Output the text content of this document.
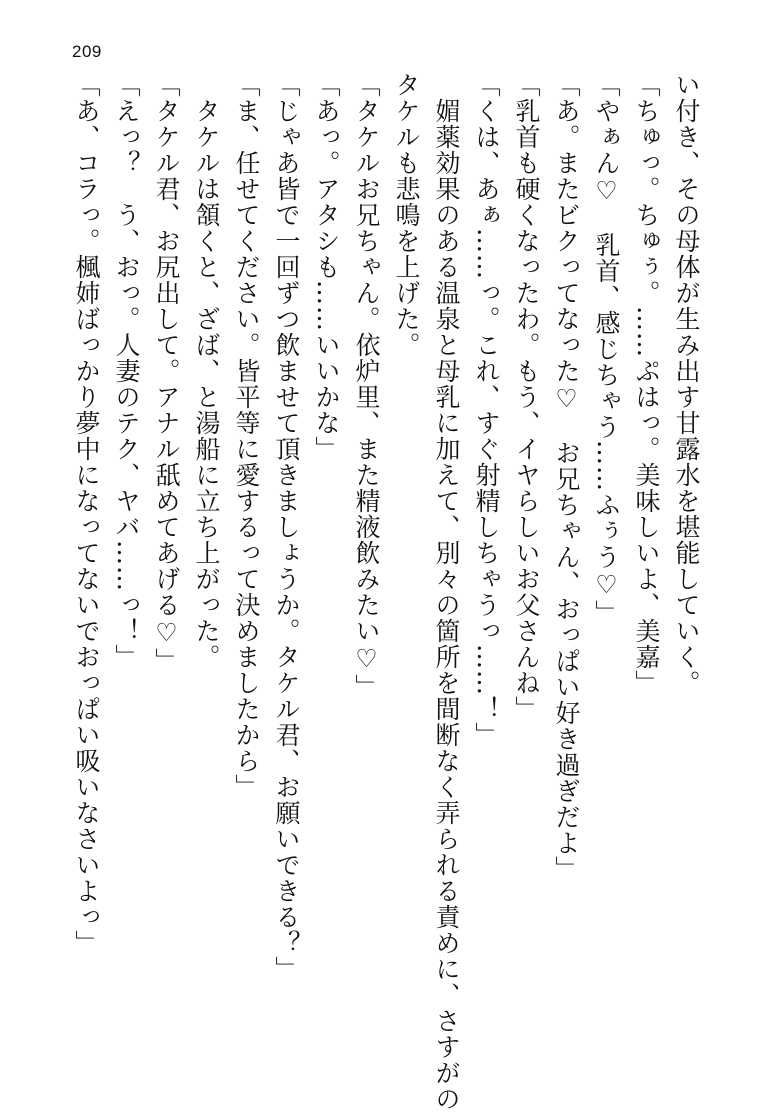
209

い付き、その母体が生み出す甘露水を堪能していく。

「ちゅっ。ちゅぅ。……ぷはっ。美味しいよ、美嘉」

「やぁん♡　乳首、感じちゃう……ふぅう♡」

「あ。またビクってなった♡　お兄ちゃん、おっぱい好き過ぎだよ」

「乳首も硬くなったわ。もう、イヤらしいお父さんね」

「くは、あぁ……っ。これ、すぐ射精しちゃうっ……！」

　媚薬効果のある温泉と母乳に加えて、別々の箇所を間断なく弄られる責めに、さすがの

タケルも悲鳴を上げた。

「タケルお兄ちゃん。依炉里、また精液飲みたい♡」

「あっ。アタシも……いいかな」

「じゃあ皆で一回ずつ飲ませて頂きましょうか。タケル君、お願いできる？」

「ま、任せてください。皆平等に愛するって決めましたから」

　タケルは頷くと、ざば、と湯船に立ち上がった。

「タケル君、お尻出して。アナル舐めてあげる♡」

「えっ？　う、おっ。人妻のテク、ヤバ……っ！」

「あ、コラっ。楓姉ばっかり夢中になってないでおっぱい吸いなさいよっ」
